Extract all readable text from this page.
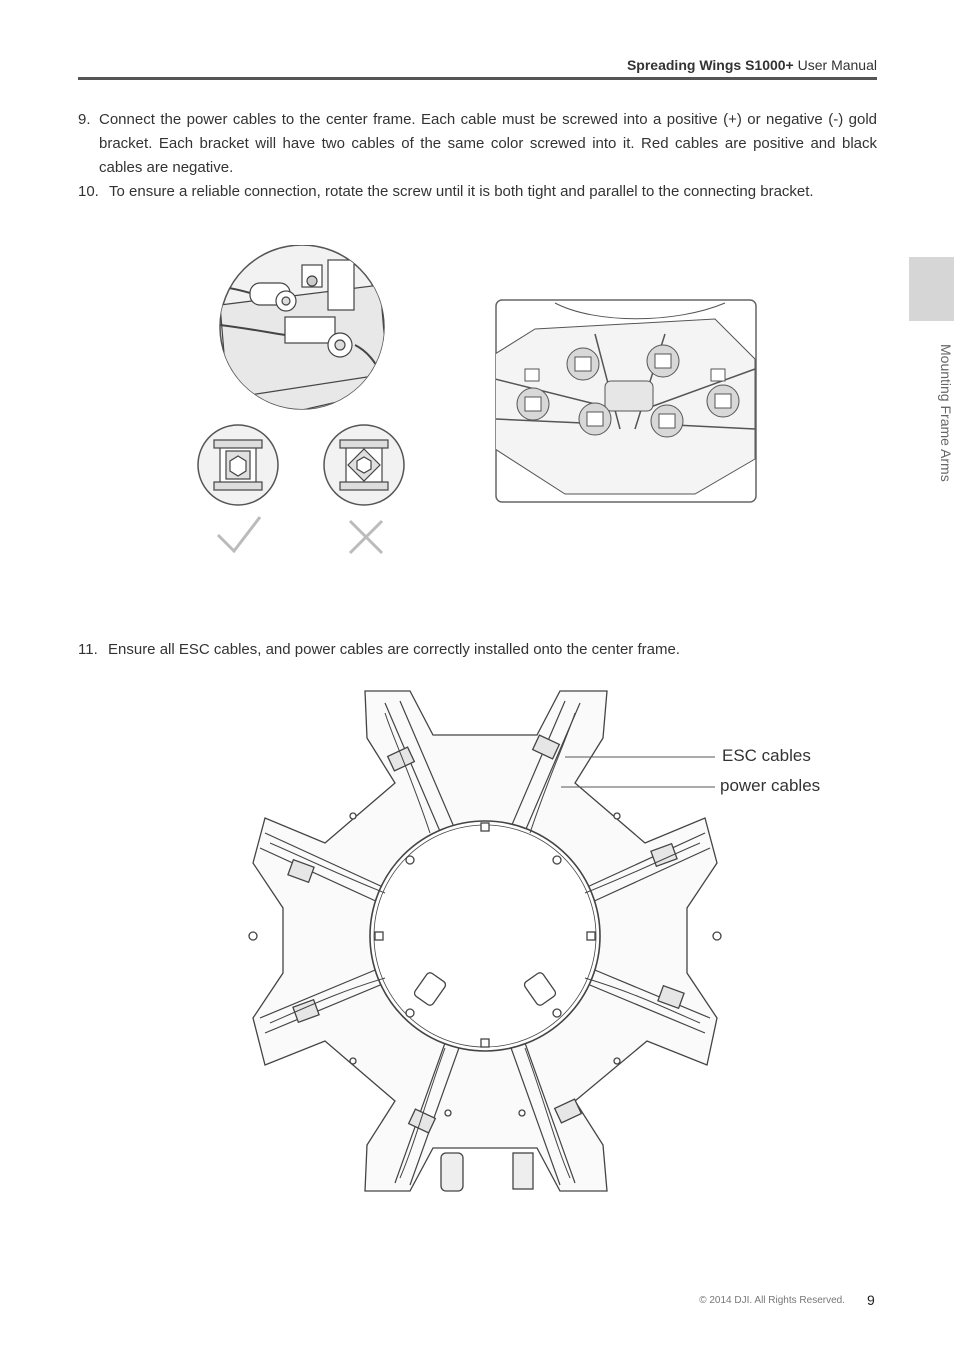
Spreading Wings S1000+ User Manual
9. Connect the power cables to the center frame. Each cable must be screwed into a positive (+) or negative (-) gold bracket. Each bracket will have two cables of the same color screwed into it. Red cables are positive and black cables are negative.
10. To ensure a reliable connection, rotate the screw until it is both tight and parallel to the connecting bracket.
11. Ensure all ESC cables, and power cables are correctly installed onto the center frame.
Mounting Frame Arms
ESC cables
power cables
© 2014 DJI. All Rights Reserved. 9
